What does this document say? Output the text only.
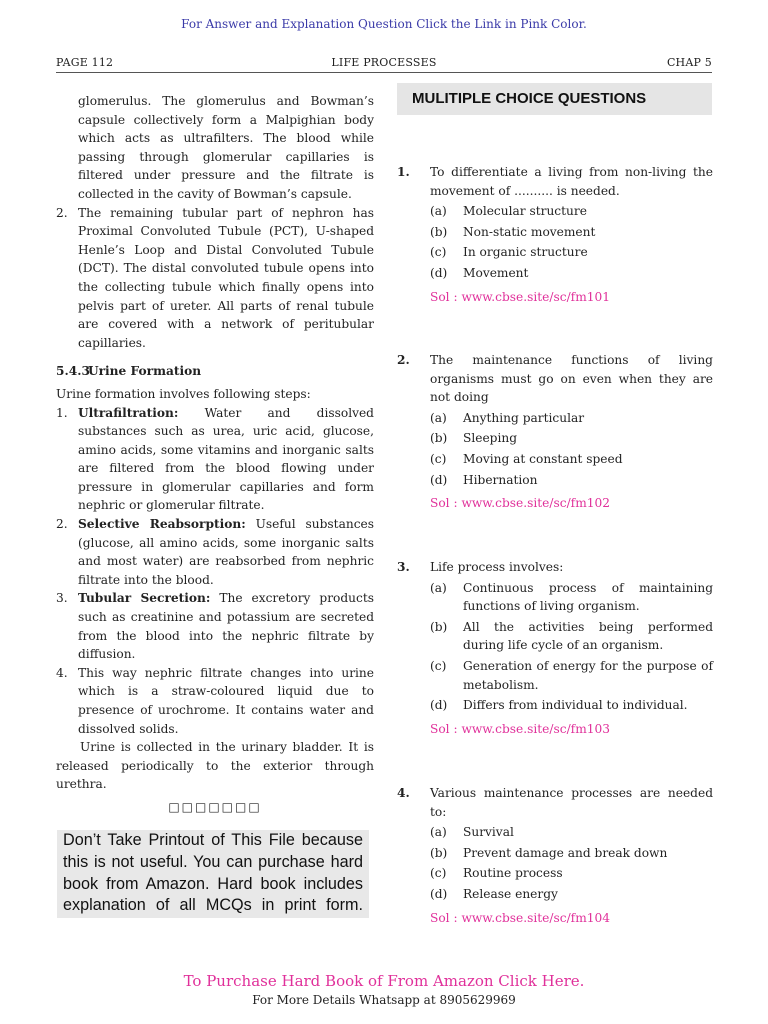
For Answer and Explanation Question Click the Link in Pink Color.
PAGE 112	LIFE PROCESSES	CHAP 5

glomerulus. The glomerulus and Bowman’s capsule collectively form a Malpighian body which acts as ultrafilters. The blood while passing through glomerular capillaries is filtered under pressure and the filtrate is collected in the cavity of Bowman’s capsule.

2. The remaining tubular part of nephron has Proximal Convoluted Tubule (PCT), U-shaped Henle’s Loop and Distal Convoluted Tubule (DCT). The distal convoluted tubule opens into the collecting tubule which finally opens into pelvis part of ureter. All parts of renal tubule are covered with a network of peritubular capillaries.
5.4.3Urine Formation

Urine formation involves following steps:

1. Ultrafiltration: Water and dissolved substances such as urea, uric acid, glucose, amino acids, some vitamins and inorganic salts are filtered from the blood flowing under pressure in glomerular capillaries and form nephric or glomerular filtrate.
2. Selective Reabsorption: Useful substances (glucose, all amino acids, some inorganic salts and most water) are reabsorbed from nephric filtrate into the blood.
3. Tubular Secretion: The excretory products such as creatinine and potassium are secreted from the blood into the nephric filtrate by diffusion.
4. This way nephric filtrate changes into urine which is a straw-coloured liquid due to presence of urochrome. It contains water and dissolved solids.

Urine is collected in the urinary bladder. It is released periodically to the exterior through urethra.

□□□□□□□
Don’t Take Printout of This File because
this is not useful. You can purchase hard
book from Amazon. Hard book includes
explanation of all MCQs in print form.
MULITIPLE CHOICE QUESTIONS
1. To differentiate a living from non-living the movement of .......... is needed.
(a) Molecular structure
(b) Non-static movement
(c) In organic structure
(d) Movement
Sol : www.cbse.site/sc/fm101
2. The maintenance functions of living organisms must go on even when they are not doing
(a) Anything particular
(b) Sleeping
(c) Moving at constant speed
(d) Hibernation
Sol : www.cbse.site/sc/fm102
3. Life process involves:
(a) Continuous process of maintaining functions of living organism.
(b) All the activities being performed during life cycle of an organism.
(c) Generation of energy for the purpose of metabolism.
(d) Differs from individual to individual.
Sol : www.cbse.site/sc/fm103
4. Various maintenance processes are needed to:
(a) Survival
(b) Prevent damage and break down
(c) Routine process
(d) Release energy
Sol : www.cbse.site/sc/fm104
To Purchase Hard Book of From Amazon Click Here.
For More Details Whatsapp at 8905629969
